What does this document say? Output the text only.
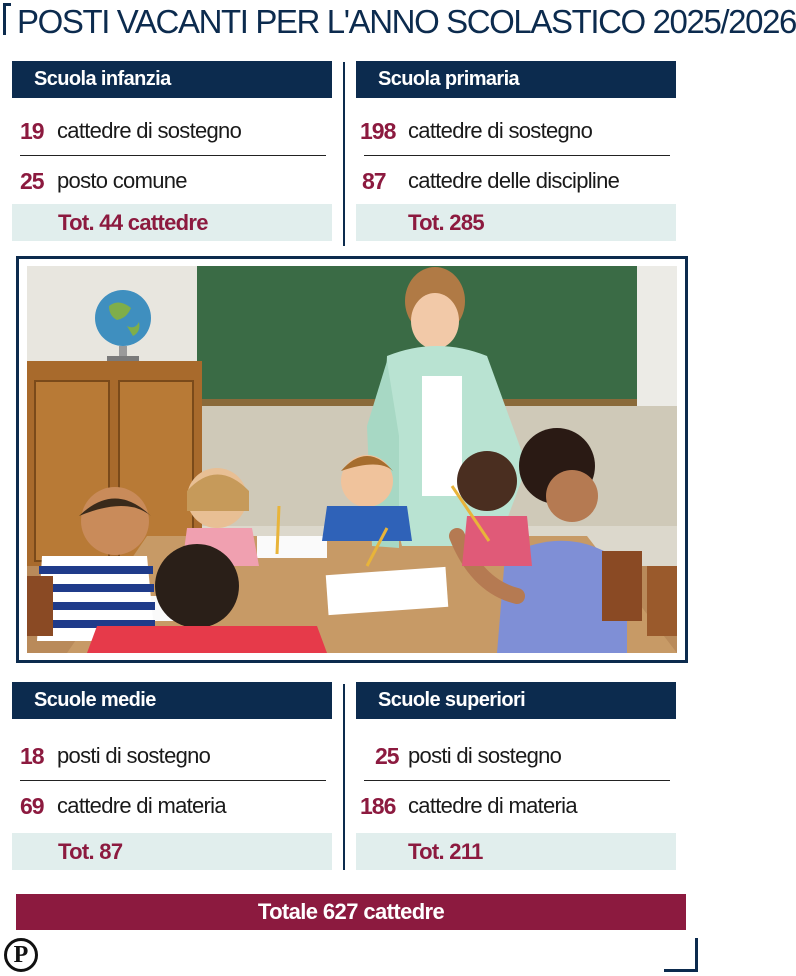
POSTI VACANTI PER L'ANNO SCOLASTICO 2025/2026
Scuola infanzia
19 cattedre di sostegno
25 posto comune
Tot. 44 cattedre
Scuola primaria
198 cattedre di sostegno
87 cattedre delle discipline
Tot. 285
Scuole medie
18 posti di sostegno
69 cattedre di materia
Tot. 87
Scuole superiori
25 posti di sostegno
186 cattedre di materia
Tot. 211
Totale 627 cattedre
P
